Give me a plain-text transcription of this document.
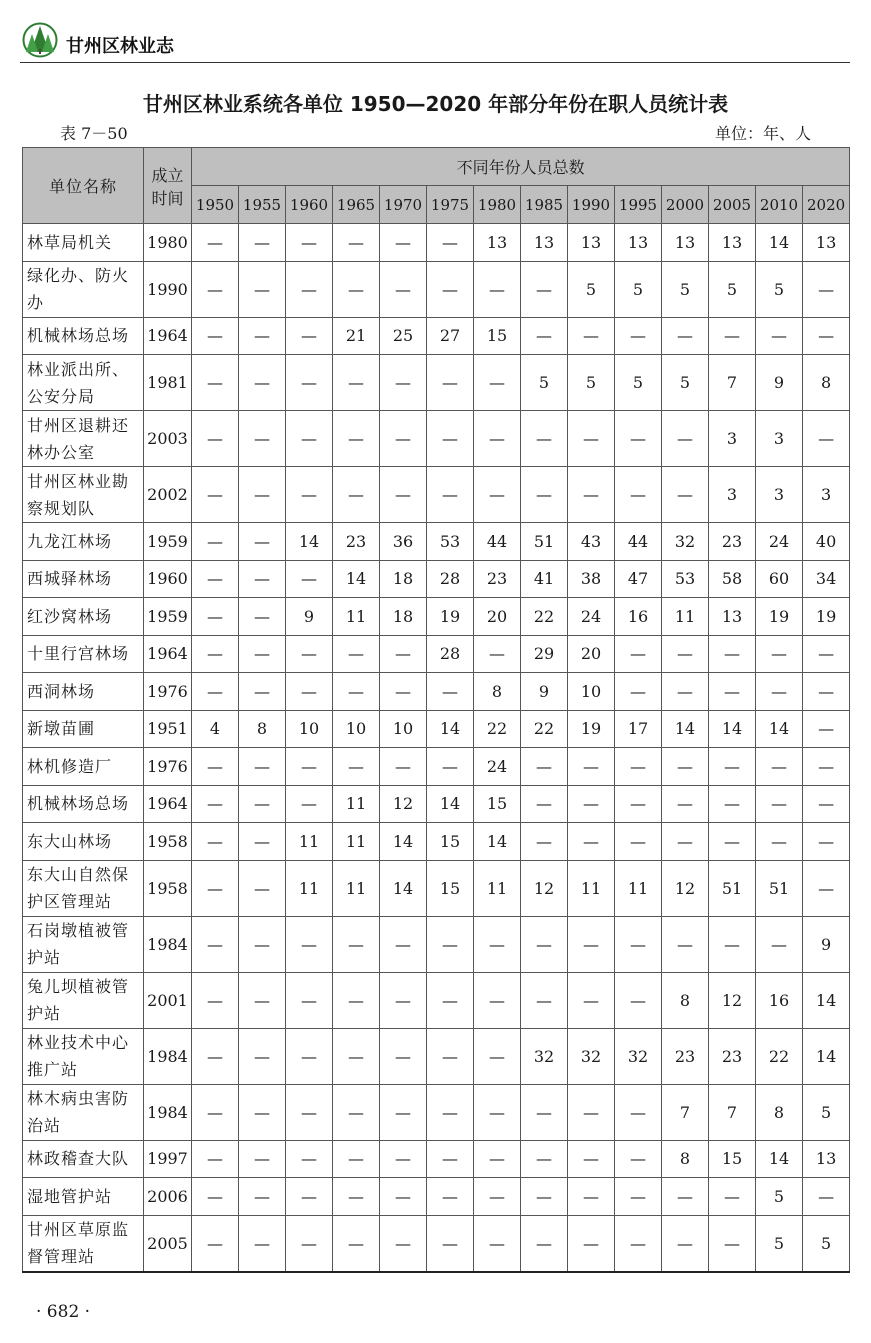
甘州区林业志
甘州区林业系统各单位 1950—2020 年部分年份在职人员统计表
表 7－50	单位：年、人
单位名称	成立时间	不同年份人员总数													
		1950	1955	1960	1965	1970	1975	1980	1985	1990	1995	2000	2005	2010	2020
林草局机关	1980	—	—	—	—	—	—	13	13	13	13	13	13	14	13
绿化办、防火办	1990	—	—	—	—	—	—	—	—	5	5	5	5	5	—
机械林场总场	1964	—	—	—	21	25	27	15	—	—	—	—	—	—	—
林业派出所、公安分局	1981	—	—	—	—	—	—	—	5	5	5	5	7	9	8
甘州区退耕还林办公室	2003	—	—	—	—	—	—	—	—	—	—	—	3	3	—
甘州区林业勘察规划队	2002	—	—	—	—	—	—	—	—	—	—	—	3	3	3
九龙江林场	1959	—	—	14	23	36	53	44	51	43	44	32	23	24	40
西城驿林场	1960	—	—	—	14	18	28	23	41	38	47	53	58	60	34
红沙窝林场	1959	—	—	9	11	18	19	20	22	24	16	11	13	19	19
十里行宫林场	1964	—	—	—	—	—	28	—	29	20	—	—	—	—	—
西洞林场	1976	—	—	—	—	—	—	8	9	10	—	—	—	—	—
新墩苗圃	1951	4	8	10	10	10	14	22	22	19	17	14	14	14	—
林机修造厂	1976	—	—	—	—	—	—	24	—	—	—	—	—	—	—
机械林场总场	1964	—	—	—	11	12	14	15	—	—	—	—	—	—	—
东大山林场	1958	—	—	11	11	14	15	14	—	—	—	—	—	—	—
东大山自然保护区管理站	1958	—	—	11	11	14	15	11	12	11	11	12	51	51	—
石岗墩植被管护站	1984	—	—	—	—	—	—	—	—	—	—	—	—	—	9
兔儿坝植被管护站	2001	—	—	—	—	—	—	—	—	—	—	8	12	16	14
林业技术中心推广站	1984	—	—	—	—	—	—	—	32	32	32	23	23	22	14
林木病虫害防治站	1984	—	—	—	—	—	—	—	—	—	—	7	7	8	5
林政稽查大队	1997	—	—	—	—	—	—	—	—	—	—	8	15	14	13
湿地管护站	2006	—	—	—	—	—	—	—	—	—	—	—	—	5	—
甘州区草原监督管理站	2005	—	—	—	—	—	—	—	—	—	—	—	—	5	5
· 682 ·
